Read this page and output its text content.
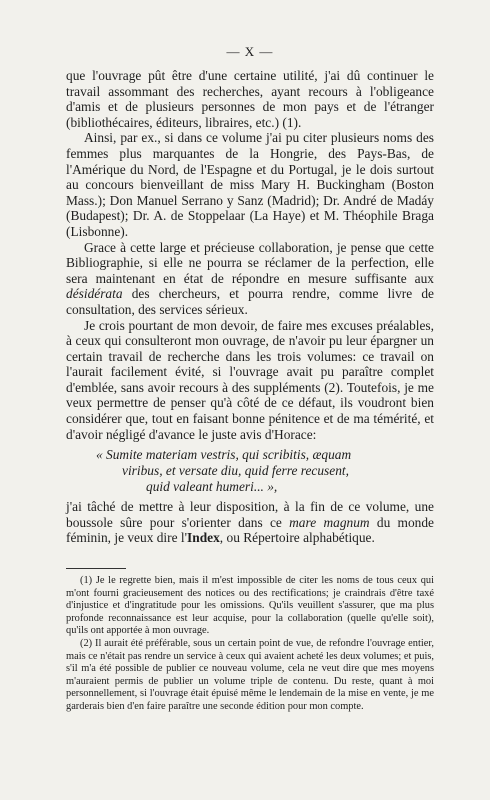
— X —

que l'ouvrage pût être d'une certaine utilité, j'ai dû continuer le travail assommant des recherches, ayant recours à l'obligeance d'amis et de plusieurs personnes de mon pays et de l'étranger (bibliothécaires, éditeurs, libraires, etc.) (1).

Ainsi, par ex., si dans ce volume j'ai pu citer plusieurs noms des femmes plus marquantes de la Hongrie, des Pays-Bas, de l'Amérique du Nord, de l'Espagne et du Portugal, je le dois surtout au concours bienveillant de miss Mary H. Buckingham (Boston Mass.); Don Manuel Serrano y Sanz (Madrid); Dr. André de Madáy (Budapest); Dr. A. de Stoppelaar (La Haye) et M. Théophile Braga (Lisbonne).

Grace à cette large et précieuse collaboration, je pense que cette Bibliographie, si elle ne pourra se réclamer de la perfection, elle sera maintenant en état de répondre en mesure suffisante aux désidérata des chercheurs, et pourra rendre, comme livre de consultation, des services sérieux.

Je crois pourtant de mon devoir, de faire mes excuses préalables, à ceux qui consulteront mon ouvrage, de n'avoir pu leur épargner un certain travail de recherche dans les trois volumes: ce travail on l'aurait facilement évité, si l'ouvrage avait pu paraître complet d'emblée, sans avoir recours à des suppléments (2). Toutefois, je me veux permettre de penser qu'à côté de ce défaut, ils voudront bien considérer que, tout en faisant bonne pénitence et de ma témérité, et d'avoir négligé d'avance le juste avis d'Horace:

« Sumite materiam vestris, qui scribitis, æquam
viribus, et versate diu, quid ferre recusent,
quid valeant humeri... »,

j'ai tâché de mettre à leur disposition, à la fin de ce volume, une boussole sûre pour s'orienter dans ce mare magnum du monde féminin, je veux dire l'Index, ou Répertoire alphabétique.

(1) Je le regrette bien, mais il m'est impossible de citer les noms de tous ceux qui m'ont fourni gracieusement des notices ou des rectifications; je craindrais d'être taxé d'injustice et d'ingratitude pour les omissions. Qu'ils veuillent s'assurer, que ma plus profonde reconnaissance est leur acquise, pour la collaboration (quelle qu'elle soit), qu'ils ont apportée à mon ouvrage.

(2) Il aurait été préférable, sous un certain point de vue, de refondre l'ouvrage entier, mais ce n'était pas rendre un service à ceux qui avaient acheté les deux volumes; et puis, s'il m'a été possible de publier ce nouveau volume, cela ne veut dire que mes moyens m'auraient permis de publier un volume triple de contenu. Du reste, quant à moi personnellement, si l'ouvrage était épuisé même le lendemain de la mise en vente, je me garderais bien d'en faire paraître une seconde édition pour mon compte.
